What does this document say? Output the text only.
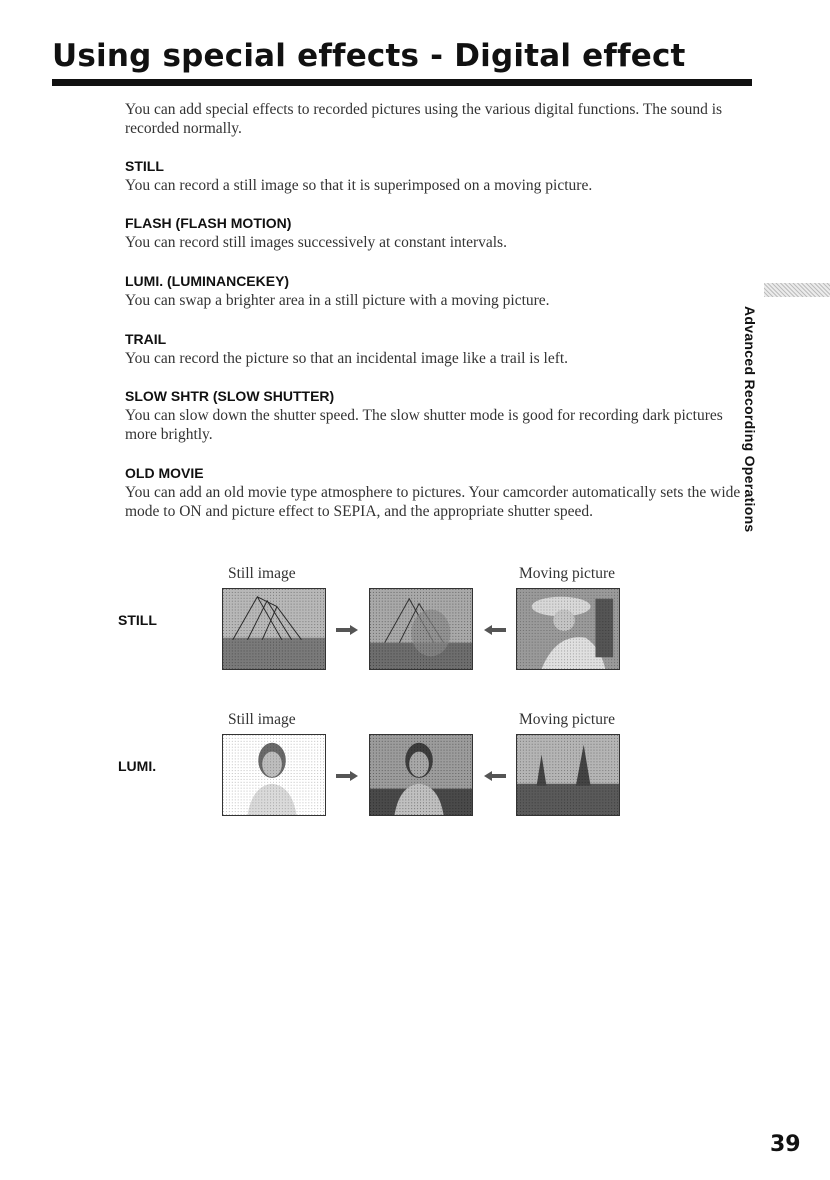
Using special effects - Digital effect
You can add special effects to recorded pictures using the various digital functions. The sound is recorded normally.
STILL
You can record a still image so that it is superimposed on a moving picture.
FLASH (FLASH MOTION)
You can record still images successively at constant intervals.
LUMI. (LUMINANCEKEY)
You can swap a brighter area in a still picture with a moving picture.
TRAIL
You can record the picture so that an incidental image like a trail is left.
SLOW SHTR (SLOW SHUTTER)
You can slow down the shutter speed. The slow shutter mode is good for recording dark pictures more brightly.
OLD MOVIE
You can add an old movie type atmosphere to pictures. Your camcorder automatically sets the wide mode to ON and picture effect to SEPIA, and the appropriate shutter speed.	Advanced Recording Operations
STILL
Still image	Moving picture
LUMI.
Still image	Moving picture
39
